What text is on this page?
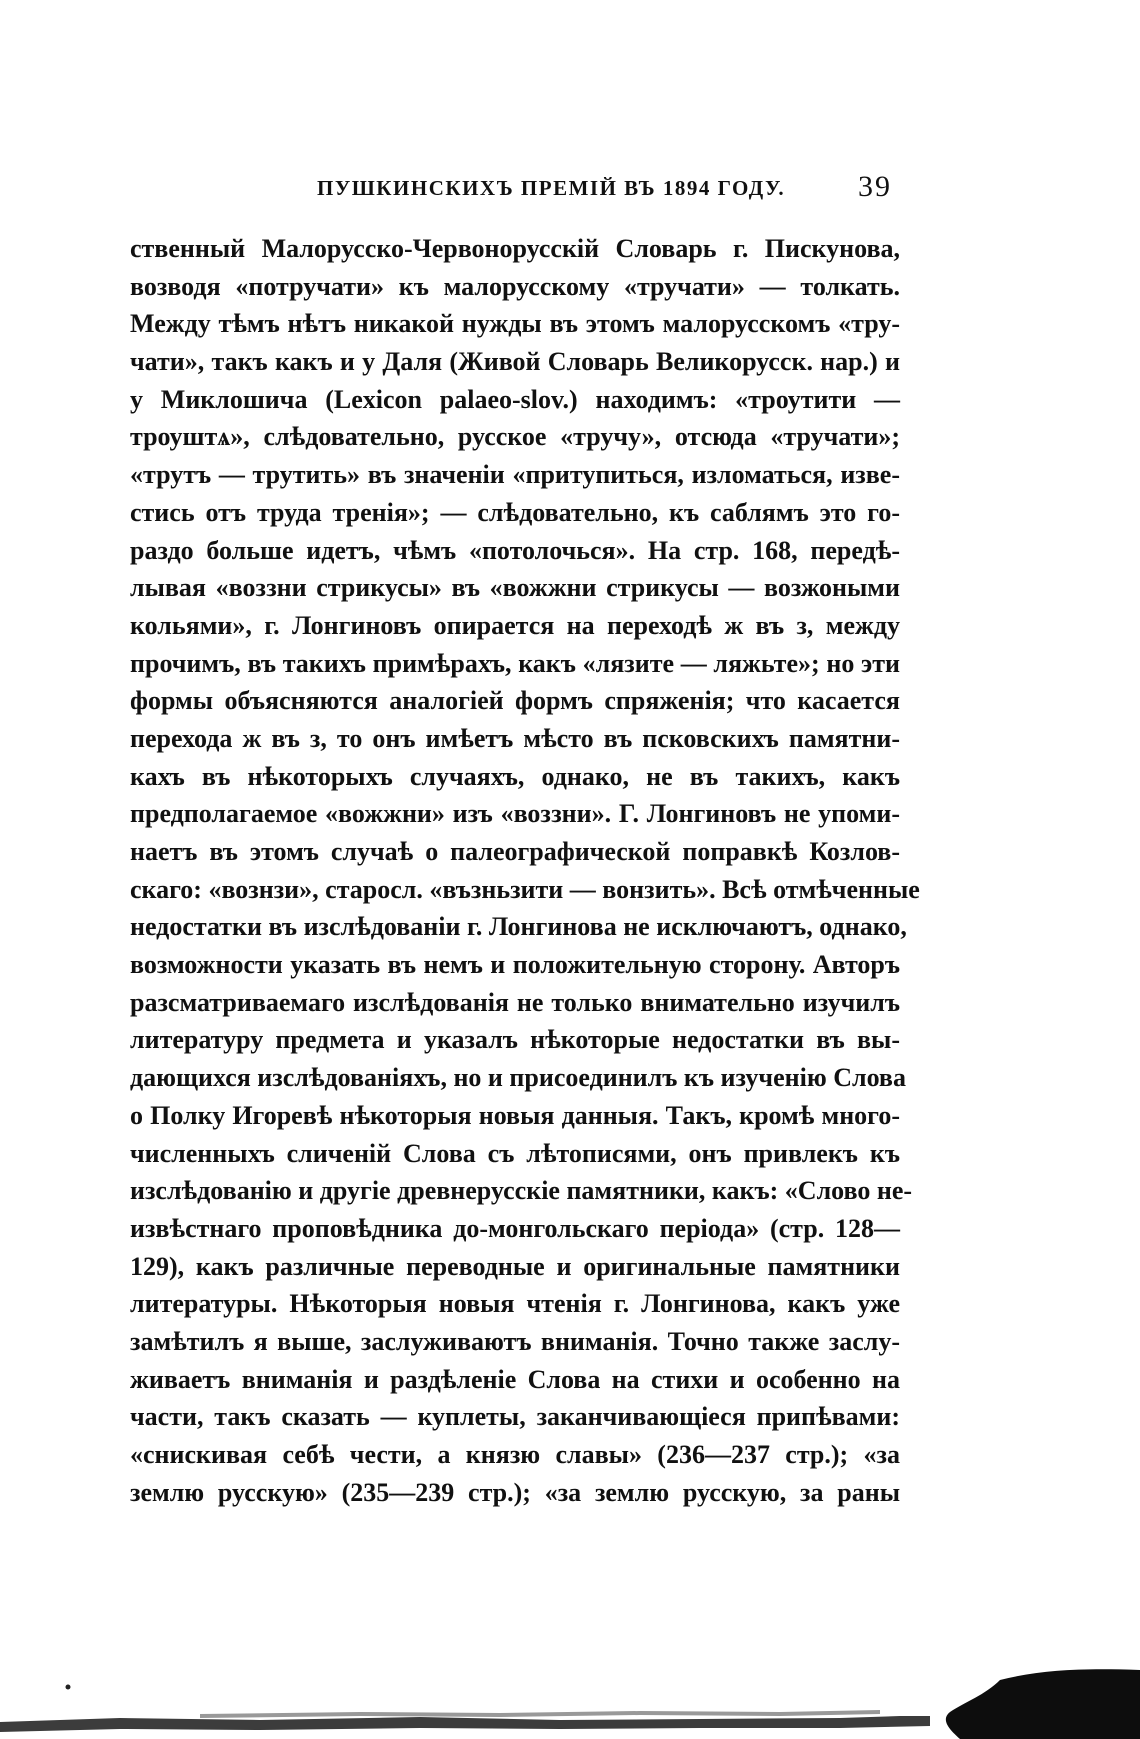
ПУШКИНСКИХЪ ПРЕМІЙ ВЪ 1894 ГОДУ. 39
ственный Малорусско-Червонорусскій Словарь г. Пискунова,
возводя «потручати» къ малорусскому «тручати» — толкать.
Между тѣмъ нѣтъ никакой нужды въ этомъ малорусскомъ «тру-
чати», такъ какъ и у Даля (Живой Словарь Великорусск. нар.) и
у Миклошича (Lexicon palaeo-slov.) находимъ: «троутити —
троуштѧ», слѣдовательно, русское «тручу», отсюда «тручати»;
«трутъ — трутить» въ значеніи «притупиться, изломаться, изве-
стись отъ труда тренія»; — слѣдовательно, къ саблямъ это го-
раздо больше идетъ, чѣмъ «потолочься». На стр. 168, передѣ-
лывая «воззни стрикусы» въ «вожжни стрикусы — возжоными
кольями», г. Лонгиновъ опирается на переходѣ ж въ з, между
прочимъ, въ такихъ примѣрахъ, какъ «лязите — ляжьте»; но эти
формы объясняются аналогіей формъ спряженія; что касается
перехода ж въ з, то онъ имѣетъ мѣсто въ псковскихъ памятни-
кахъ въ нѣкоторыхъ случаяхъ, однако, не въ такихъ, какъ
предполагаемое «вожжни» изъ «воззни». Г. Лонгиновъ не упоми-
наетъ въ этомъ случаѣ о палеографической поправкѣ Козлов-
скаго: «вознзи», старосл. «възньзити — вонзить». Всѣ отмѣченные
недостатки въ изслѣдованіи г. Лонгинова не исключаютъ, однако,
возможности указать въ немъ и положительную сторону. Авторъ
разсматриваемаго изслѣдованія не только внимательно изучилъ
литературу предмета и указалъ нѣкоторые недостатки въ вы-
дающихся изслѣдованіяхъ, но и присоединилъ къ изученію Слова
о Полку Игоревѣ нѣкоторыя новыя данныя. Такъ, кромѣ много-
численныхъ сличеній Слова съ лѣтописями, онъ привлекъ къ
изслѣдованію и другіе древнерусскіе памятники, какъ: «Слово не-
извѣстнаго проповѣдника до-монгольскаго періода» (стр. 128—
129), какъ различные переводные и оригинальные памятники
литературы. Нѣкоторыя новыя чтенія г. Лонгинова, какъ уже
замѣтилъ я выше, заслуживаютъ вниманія. Точно также заслу-
живаетъ вниманія и раздѣленіе Слова на стихи и особенно на
части, такъ сказать — куплеты, заканчивающіеся припѣвами:
«снискивая себѣ чести, а князю славы» (236—237 стр.); «за
землю русскую» (235—239 стр.); «за землю русскую, за раны
